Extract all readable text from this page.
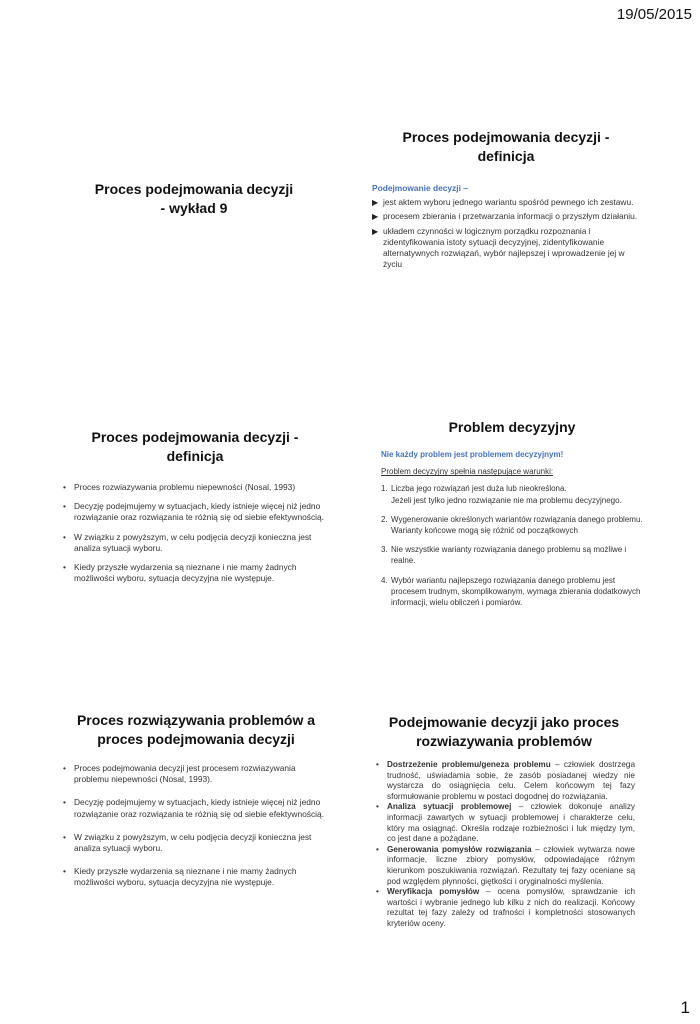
19/05/2015
Proces podejmowania decyzji
- wykład 9
Proces podejmowania decyzji -
definicja
Podejmowanie decyzji –
▶ jest aktem wyboru jednego wariantu spośród pewnego ich zestawu.
▶ procesem zbierania i przetwarzania informacji o przyszłym działaniu.
▶ układem czynności w logicznym porządku rozpoznania i zidentyfikowania istoty sytuacji decyzyjnej, zidentyfikowanie alternatywnych rozwiązań, wybór najlepszej i wprowadzenie jej w życiu
Proces podejmowania decyzji -
definicja
• Proces rozwiazywania problemu niepewności (Nosal, 1993)
• Decyzję podejmujemy w sytuacjach, kiedy istnieje więcej niż jedno rozwiązanie oraz rozwiązania te różnią się od siebie efektywnością.
• W związku z powyższym, w celu podjęcia decyzji konieczna jest analiza sytuacji wyboru.
• Kiedy przyszłe wydarzenia są nieznane i nie mamy żadnych możliwości wyboru, sytuacja decyzyjna nie występuje.
Problem decyzyjny
Nie każdy problem jest problemem decyzyjnym!
Problem decyzyjny spełnia następujące warunki:
1. Liczba jego rozwiązań jest duża lub nieokreślona.
Jeżeli jest tylko jedno rozwiązanie nie ma problemu decyzyjnego.
2. Wygenerowanie określonych wariantów rozwiązania danego problemu. Warianty końcowe mogą się różnić od początkowych
3. Nie wszystkie warianty rozwiązania danego problemu są możliwe i realne.
4. Wybór wariantu najlepszego rozwiązania danego problemu jest procesem trudnym, skomplikowanym, wymaga zbierania dodatkowych informacji, wielu obliczeń i pomiarów.
Proces rozwiązywania problemów a
proces podejmowania decyzji
• Proces podejmowania decyzji jest procesem rozwiazywania problemu niepewności (Nosal, 1993).
• Decyzję podejmujemy w sytuacjach, kiedy istnieje więcej niż jedno rozwiązanie oraz rozwiązania te różnią się od siebie efektywnością.
• W związku z powyższym, w celu podjęcia decyzji konieczna jest analiza sytuacji wyboru.
• Kiedy przyszłe wydarzenia są nieznane i nie mamy żadnych możliwości wyboru, sytuacja decyzyjna nie występuje.
Podejmowanie decyzji jako proces
rozwiazywania problemów
• Dostrzeżenie problemu/geneza problemu – człowiek dostrzega trudność, uświadamia sobie, że zasób posiadanej wiedzy nie wystarcza do osiągnięcia celu. Celem końcowym tej fazy sformułowanie problemu w postaci dogodnej do rozwiązania.
• Analiza sytuacji problemowej – człowiek dokonuje analizy informacji zawartych w sytuacji problemowej i charakterze celu, który ma osiągnąć. Określa rodzaje rozbieżności i luk między tym, co jest dane a pożądane.
• Generowania pomysłów rozwiązania – człowiek wytwarza nowe informacje, liczne zbiory pomysłów, odpowiadające różnym kierunkom poszukiwania rozwiązań. Rezultaty tej fazy oceniane są pod względem płynności, giętkości i oryginalności myślenia.
• Weryfikacja pomysłów – ocena pomysłów, sprawdzanie ich wartości i wybranie jednego lub kilku z nich do realizacji. Końcowy rezultat tej fazy zależy od trafności i kompletności stosowanych kryteriów oceny.
1
